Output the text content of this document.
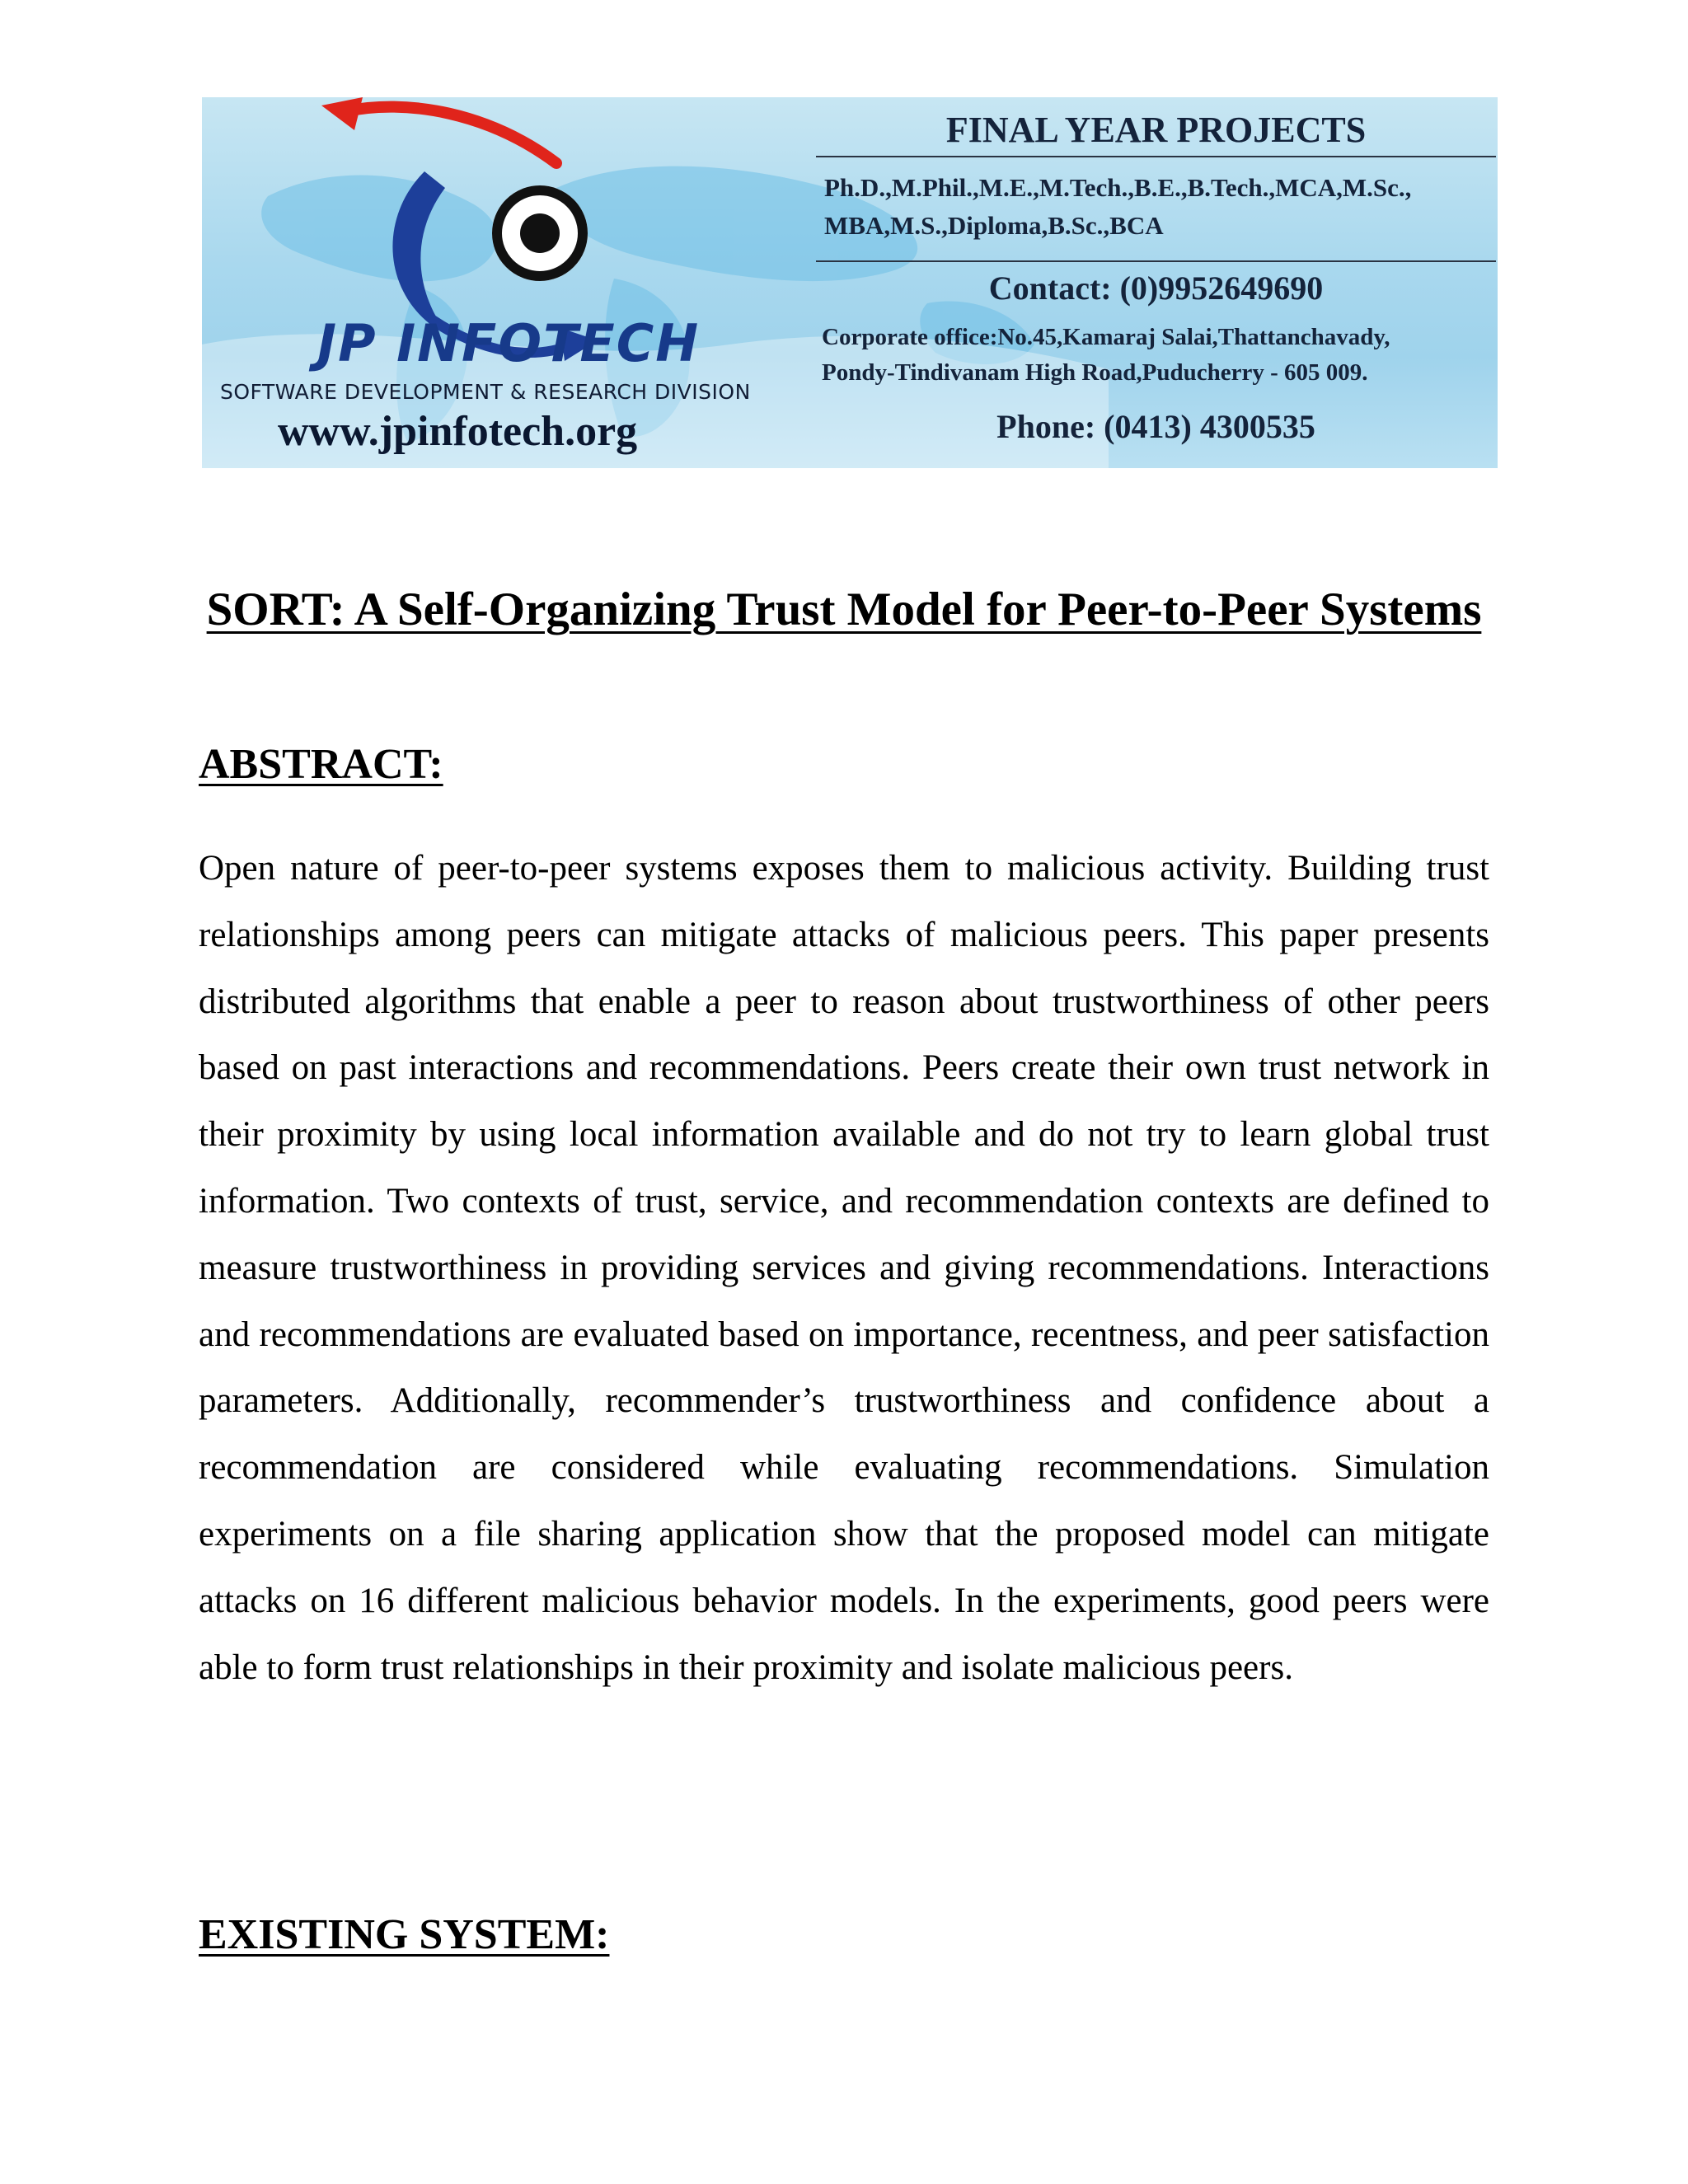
JP INFOTECH
SOFTWARE DEVELOPMENT & RESEARCH DIVISION
www.jpinfotech.org
FINAL YEAR PROJECTS
Ph.D.,M.Phil.,M.E.,M.Tech.,B.E.,B.Tech.,MCA,M.Sc.,
MBA,M.S.,Diploma,B.Sc.,BCA
Contact: (0)9952649690
Corporate office:No.45,Kamaraj Salai,Thattanchavady,
Pondy-Tindivanam High Road,Puducherry - 605 009.
Phone: (0413) 4300535
SORT: A Self-Organizing Trust Model for Peer-to-Peer Systems
ABSTRACT:

Open nature of peer-to-peer systems exposes them to malicious activity. Building trust relationships among peers can mitigate attacks of malicious peers. This paper presents distributed algorithms that enable a peer to reason about trustworthiness of other peers based on past interactions and recommendations. Peers create their own trust network in their proximity by using local information available and do not try to learn global trust information. Two contexts of trust, service, and recommendation contexts are defined to measure trustworthiness in providing services and giving recommendations. Interactions and recommendations are evaluated based on importance, recentness, and peer satisfaction parameters. Additionally, recommender’s trustworthiness and confidence about a recommendation are considered while evaluating recommendations. Simulation experiments on a file sharing application show that the proposed model can mitigate attacks on 16 different malicious behavior models. In the experiments, good peers were able to form trust relationships in their proximity and isolate malicious peers.

EXISTING SYSTEM:
